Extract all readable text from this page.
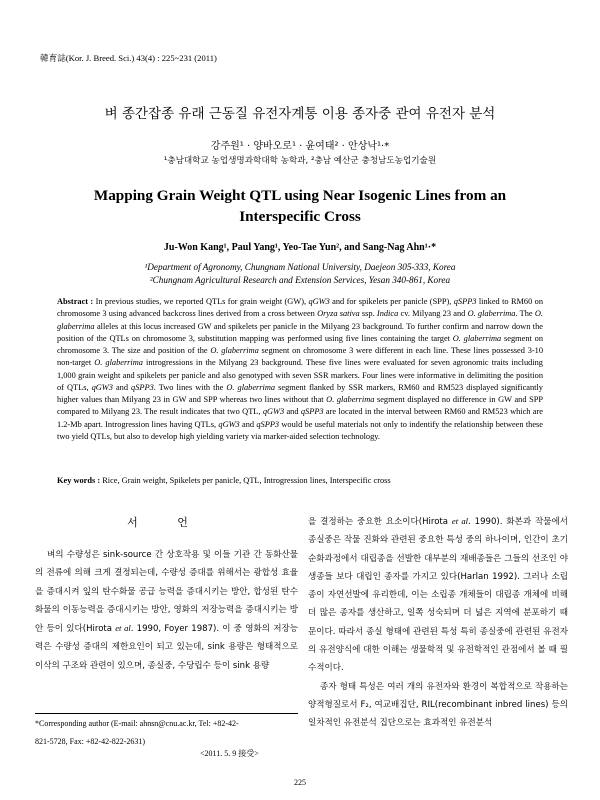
韓育誌(Kor. J. Breed. Sci.) 43(4) : 225~231 (2011)
벼 종간잡종 유래 근동질 유전자계통 이용 종자중 관여 유전자 분석
강주원¹ · 양바오로¹ · 윤여태² · 안상낙¹·*
¹충남대학교 농업생명과학대학 농학과, ²충남 예산군 충청남도농업기술원
Mapping Grain Weight QTL using Near Isogenic Lines from an
Interspecific Cross
Ju-Won Kang¹, Paul Yang¹, Yeo-Tae Yun², and Sang-Nag Ahn¹·*
¹Department of Agronomy, Chungnam National University, Daejeon 305-333, Korea
²Chungnam Agricultural Research and Extension Services, Yesan 340-861, Korea
Abstract : In previous studies, we reported QTLs for grain weight (GW), qGW3 and for spikelets per panicle (SPP), qSPP3 linked to RM60 on chromosome 3 using advanced backcross lines derived from a cross between Oryza sativa ssp. Indica cv. Milyang 23 and O. glaberrima. The O. glaberrima alleles at this locus increased GW and spikelets per panicle in the Milyang 23 background. To further confirm and narrow down the position of the QTLs on chromosome 3, substitution mapping was performed using five lines containing the target O. glaberrima segment on chromosome 3. The size and position of the O. glaberrima segment on chromosome 3 were different in each line. These lines possessed 3-10 non-target O. glaberrima introgressions in the Milyang 23 background. These five lines were evaluated for seven agronomic traits including 1,000 grain weight and spikelets per panicle and also genotyped with seven SSR markers. Four lines were informative in delimiting the position of QTLs, qGW3 and qSPP3. Two lines with the O. glaberrima segment flanked by SSR markers, RM60 and RM523 displayed significantly higher values than Milyang 23 in GW and SPP whereas two lines without that O. glaberrima segment displayed no difference in GW and SPP compared to Milyang 23. The result indicates that two QTL, qGW3 and qSPP3 are located in the interval between RM60 and RM523 which are 1.2-Mb apart. Introgression lines having QTLs, qGW3 and qSPP3 would be useful materials not only to indentify the relationship between these two yield QTLs, but also to develop high yielding variety via marker-aided selection technology.
Key words : Rice, Grain weight, Spikelets per panicle, QTL, Introgression lines, Interspecific cross
서 언

벼의 수량성은 sink-source 간 상호작용 및 이들 기관 간 동화산물의 전류에 의해 크게 결정되는데, 수량성 증대를 위해서는 광합성 효율을 증대시켜 잎의 탄수화물 공급 능력을 증대시키는 방안, 합성된 탄수화물의 이동능력을 증대시키는 방안, 영화의 저장능력을 증대시키는 방안 등이 있다(Hirota et al. 1990, Foyer 1987). 이 중 영화의 저장능력은 수량성 증대의 제한요인이 되고 있는데, sink 용량은 형태적으로 이삭의 구조와 관련이 있으며, 종실중, 수당립수 등이 sink 용량

을 결정하는 중요한 요소이다(Hirota et al. 1990). 화본과 작물에서 종실중은 작물 진화와 관련된 중요한 특성 중의 하나이며, 인간이 초기 순화과정에서 대립종을 선발한 대부분의 재배종들은 그들의 선조인 야생종들 보다 대립인 종자를 가지고 있다(Harlan 1992). 그러나 소립종이 자연선발에 유리한데, 이는 소립종 개체들이 대립종 개체에 비해 더 많은 종자를 생산하고, 일쪽 성숙되며 더 넓은 지역에 분포하기 때문이다. 따라서 종실 형태에 관련된 특성 특히 종실중에 관련된 유전자의 유전양식에 대한 이해는 생물학적 및 유전학적인 관점에서 볼 때 필수적이다.

종자 형태 특성은 여러 개의 유전자와 환경이 복합적으로 작용하는 양적형질로서 F₂, 여교배집단, RIL(recombinant inbred lines) 등의 일차적인 유전분석 집단으로는 효과적인 유전분석

*Corresponding author (E-mail: ahnsn@cnu.ac.kr, Tel: +82-42-
821-5728, Fax: +82-42-822-2631)
<2011. 5. 9 接受>
225
